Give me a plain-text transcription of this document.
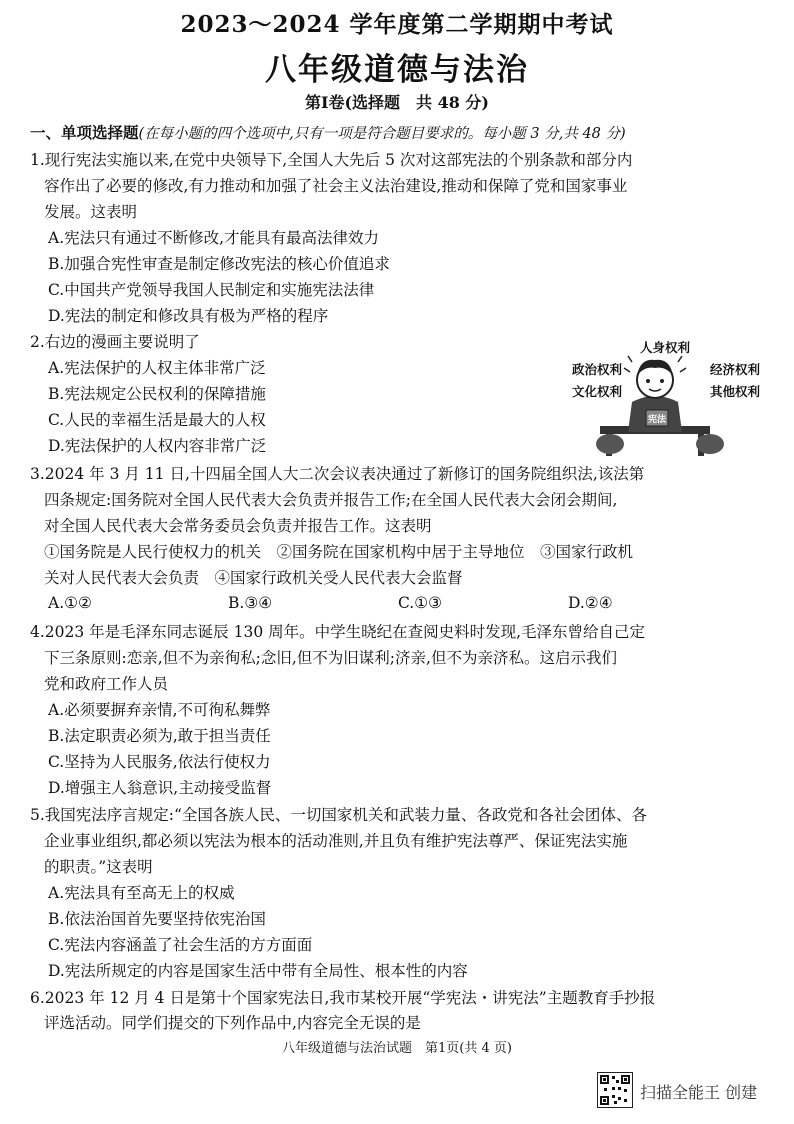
2023～2024 学年度第二学期期中考试
八年级道德与法治
第Ⅰ卷(选择题　共 48 分)
一、单项选择题(在每小题的四个选项中,只有一项是符合题目要求的。每小题 3 分,共 48 分)
1.现行宪法实施以来,在党中央领导下,全国人大先后 5 次对这部宪法的个别条款和部分内
容作出了必要的修改,有力推动和加强了社会主义法治建设,推动和保障了党和国家事业
发展。这表明
A.宪法只有通过不断修改,才能具有最高法律效力
B.加强合宪性审查是制定修改宪法的核心价值追求
C.中国共产党领导我国人民制定和实施宪法法律
D.宪法的制定和修改具有极为严格的程序
2.右边的漫画主要说明了
A.宪法保护的人权主体非常广泛
B.宪法规定公民权利的保障措施
C.人民的幸福生活是最大的人权
D.宪法保护的人权内容非常广泛
人身权利
政治权利	经济权利
文化权利	其他权利
宪法
3.2024 年 3 月 11 日,十四届全国人大二次会议表决通过了新修订的国务院组织法,该法第
四条规定:国务院对全国人民代表大会负责并报告工作;在全国人民代表大会闭会期间,
对全国人民代表大会常务委员会负责并报告工作。这表明
①国务院是人民行使权力的机关　②国务院在国家机构中居于主导地位　③国家行政机
关对人民代表大会负责　④国家行政机关受人民代表大会监督
A.①②	B.③④	C.①③	D.②④
4.2023 年是毛泽东同志诞辰 130 周年。中学生晓纪在查阅史料时发现,毛泽东曾给自己定
下三条原则:恋亲,但不为亲徇私;念旧,但不为旧谋利;济亲,但不为亲济私。这启示我们
党和政府工作人员
A.必须要摒弃亲情,不可徇私舞弊
B.法定职责必须为,敢于担当责任
C.坚持为人民服务,依法行使权力
D.增强主人翁意识,主动接受监督
5.我国宪法序言规定:“全国各族人民、一切国家机关和武装力量、各政党和各社会团体、各
企业事业组织,都必须以宪法为根本的活动准则,并且负有维护宪法尊严、保证宪法实施
的职责。”这表明
A.宪法具有至高无上的权威
B.依法治国首先要坚持依宪治国
C.宪法内容涵盖了社会生活的方方面面
D.宪法所规定的内容是国家生活中带有全局性、根本性的内容
6.2023 年 12 月 4 日是第十个国家宪法日,我市某校开展“学宪法・讲宪法”主题教育手抄报
评选活动。同学们提交的下列作品中,内容完全无误的是
八年级道德与法治试题　第1页(共 4 页)
扫描全能王 创建
